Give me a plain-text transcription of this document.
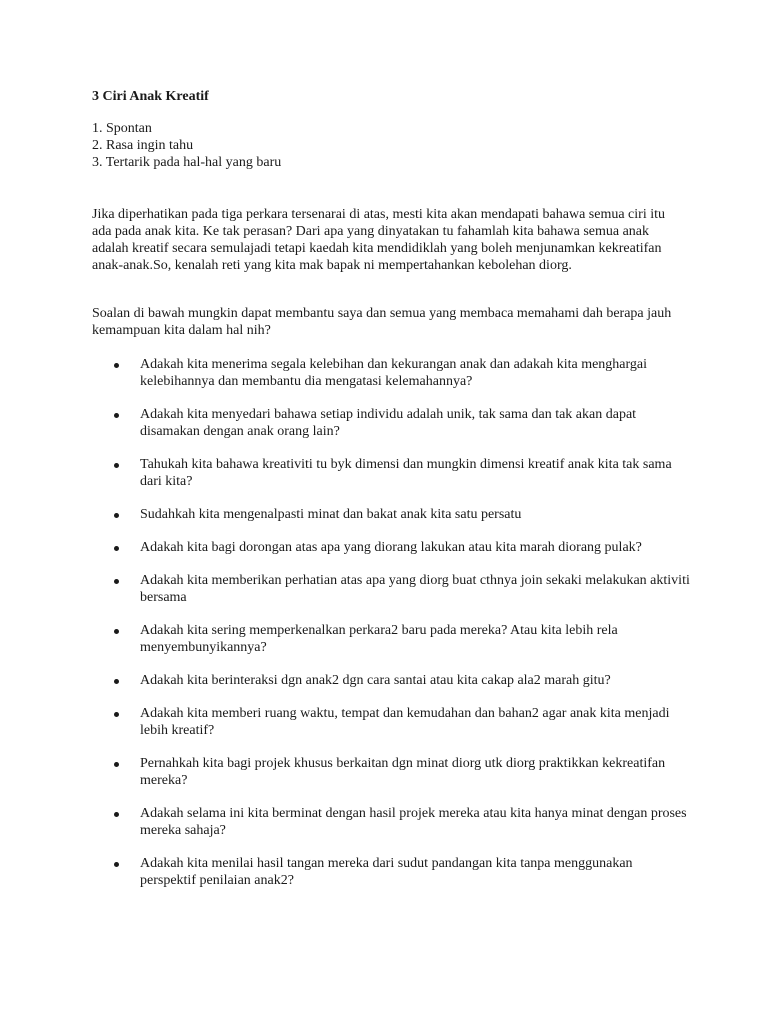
3 Ciri Anak Kreatif
1. Spontan
2. Rasa ingin tahu
3. Tertarik pada hal-hal yang baru

Jika diperhatikan pada tiga perkara tersenarai di atas, mesti kita akan mendapati bahawa semua ciri itu ada pada anak kita. Ke tak perasan? Dari apa yang dinyatakan tu fahamlah kita bahawa semua anak adalah kreatif secara semulajadi tetapi kaedah kita mendidiklah yang boleh menjunamkan kekreatifan anak-anak.So, kenalah reti yang kita mak bapak ni mempertahankan kebolehan diorg.

Soalan di bawah mungkin dapat membantu saya dan semua yang membaca memahami dah berapa jauh kemampuan kita dalam hal nih?

Adakah kita menerima segala kelebihan dan kekurangan anak dan adakah kita menghargai kelebihannya dan membantu dia mengatasi kelemahannya?
Adakah kita menyedari bahawa setiap individu adalah unik, tak sama dan tak akan dapat disamakan dengan anak orang lain?
Tahukah kita bahawa kreativiti tu byk dimensi dan mungkin dimensi kreatif anak kita tak sama dari kita?
Sudahkah kita mengenalpasti minat dan bakat anak kita satu persatu
Adakah kita bagi dorongan atas apa yang diorang lakukan atau kita marah diorang pulak?
Adakah kita memberikan perhatian atas apa yang diorg buat cthnya join sekaki melakukan aktiviti bersama
Adakah kita sering memperkenalkan perkara2 baru pada mereka? Atau kita lebih rela menyembunyikannya?
Adakah kita berinteraksi dgn anak2 dgn cara santai atau kita cakap ala2 marah gitu?
Adakah kita memberi ruang waktu, tempat dan kemudahan dan bahan2 agar anak kita menjadi lebih kreatif?
Pernahkah kita bagi projek khusus berkaitan dgn minat diorg utk diorg praktikkan kekreatifan mereka?
Adakah selama ini kita berminat dengan hasil projek mereka atau kita hanya minat dengan proses mereka sahaja?
Adakah kita menilai hasil tangan mereka dari sudut pandangan kita tanpa menggunakan perspektif penilaian anak2?
